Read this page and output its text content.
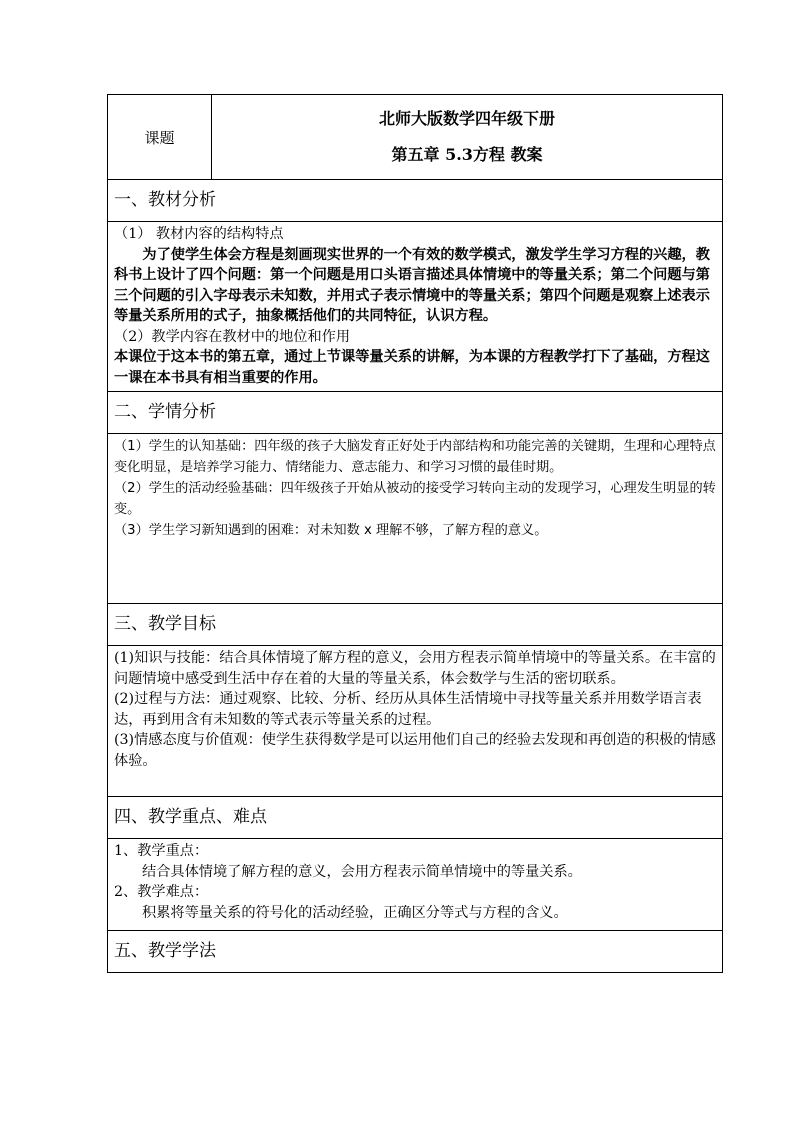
课题	
北师大版数学四年级下册
第五章 5.3方程 教案

一、教材分析

（1） 教材内容的结构特点

为了使学生体会方程是刻画现实世界的一个有效的数学模式，激发学生学习方程的兴趣，教科书上设计了四个问题：第一个问题是用口头语言描述具体情境中的等量关系；第二个问题与第三个问题的引入字母表示未知数，并用式子表示情境中的等量关系；第四个问题是观察上述表示等量关系所用的式子，抽象概括他们的共同特征，认识方程。

（2）教学内容在教材中的地位和作用

本课位于这本书的第五章，通过上节课等量关系的讲解，为本课的方程教学打下了基础，方程这一课在本书具有相当重要的作用。

二、学情分析

（1）学生的认知基础：四年级的孩子大脑发育正好处于内部结构和功能完善的关键期，生理和心理特点变化明显，是培养学习能力、情绪能力、意志能力、和学习习惯的最佳时期。

（2）学生的活动经验基础：四年级孩子开始从被动的接受学习转向主动的发现学习，心理发生明显的转变。

（3）学生学习新知遇到的困难：对未知数 x 理解不够，了解方程的意义。

三、教学目标

(1)知识与技能：结合具体情境了解方程的意义，会用方程表示简单情境中的等量关系。在丰富的问题情境中感受到生活中存在着的大量的等量关系，体会数学与生活的密切联系。

(2)过程与方法：通过观察、比较、分析、经历从具体生活情境中寻找等量关系并用数学语言表达，再到用含有未知数的等式表示等量关系的过程。

(3)情感态度与价值观：使学生获得数学是可以运用他们自己的经验去发现和再创造的积极的情感体验。

四、教学重点、难点

1、教学重点：

结合具体情境了解方程的意义，会用方程表示简单情境中的等量关系。

2、教学难点：

积累将等量关系的符号化的活动经验，正确区分等式与方程的含义。

五、教学学法
